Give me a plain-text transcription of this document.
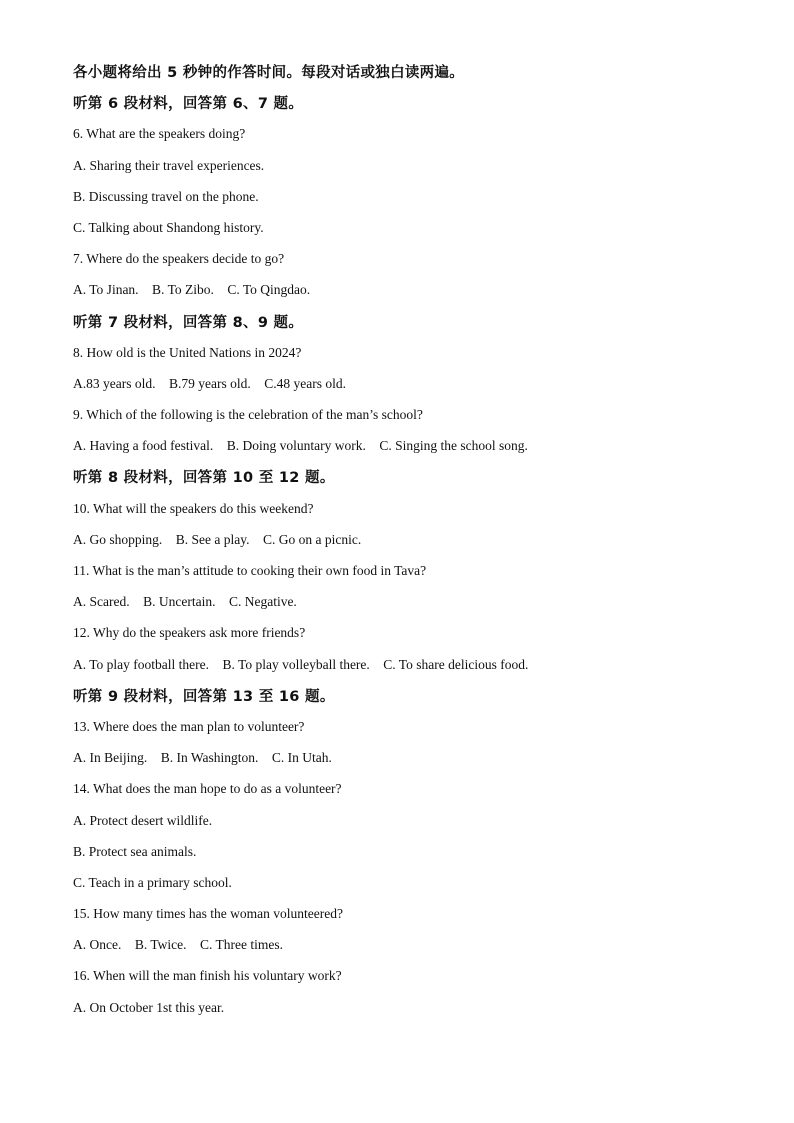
各小题将给出 5 秒钟的作答时间。每段对话或独白读两遍。
听第 6 段材料，回答第 6、7 题。
6. What are the speakers doing?
A. Sharing their travel experiences.
B. Discussing travel on the phone.
C. Talking about Shandong history.
7. Where do the speakers decide to go?
A. To Jinan.    B. To Zibo.    C. To Qingdao.
听第 7 段材料，回答第 8、9 题。
8. How old is the United Nations in 2024?
A.83 years old.    B.79 years old.    C.48 years old.
9. Which of the following is the celebration of the man’s school?
A. Having a food festival.    B. Doing voluntary work.    C. Singing the school song.
听第 8 段材料，回答第 10 至 12 题。
10. What will the speakers do this weekend?
A. Go shopping.    B. See a play.    C. Go on a picnic.
11. What is the man’s attitude to cooking their own food in Tava?
A. Scared.    B. Uncertain.    C. Negative.
12. Why do the speakers ask more friends?
A. To play football there.    B. To play volleyball there.    C. To share delicious food.
听第 9 段材料，回答第 13 至 16 题。
13. Where does the man plan to volunteer?
A. In Beijing.    B. In Washington.    C. In Utah.
14. What does the man hope to do as a volunteer?
A. Protect desert wildlife.
B. Protect sea animals.
C. Teach in a primary school.
15. How many times has the woman volunteered?
A. Once.    B. Twice.    C. Three times.
16. When will the man finish his voluntary work?
A. On October 1st this year.
